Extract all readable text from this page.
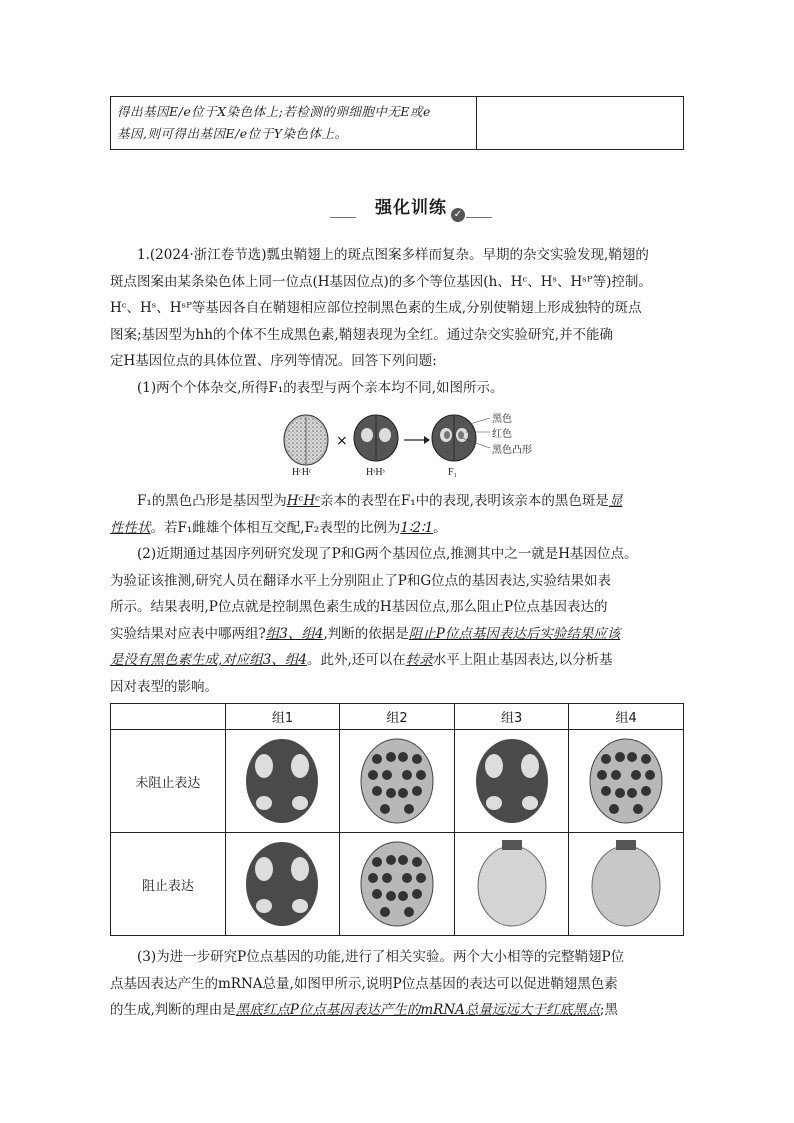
得出基因E/e位于X染色体上;若检测的卵细胞中无E或e
基因,则可得出基因E/e位于Y染色体上。
强化训练 ✓
1.(2024·浙江卷节选)瓢虫鞘翅上的斑点图案多样而复杂。早期的杂交实验发现,鞘翅的
斑点图案由某条染色体上同一位点(H基因位点)的多个等位基因(h、Hᶜ、Hˢ、Hˢᴾ等)控制。
Hᶜ、Hˢ、Hˢᴾ等基因各自在鞘翅相应部位控制黑色素的生成,分别使鞘翅上形成独特的斑点
图案;基因型为hh的个体不生成黑色素,鞘翅表现为全红。通过杂交实验研究,并不能确
定H基因位点的具体位置、序列等情况。回答下列问题:
(1)两个个体杂交,所得F₁的表型与两个亲本均不同,如图所示。
×
黑色
红色
黑色凸形
HᶜHᶜ	HˢHˢ	F₁
F₁的黑色凸形是基因型为HᶜHᶜ亲本的表型在F₁中的表现,表明该亲本的黑色斑是显
性性状。若F₁雌雄个体相互交配,F₂表型的比例为1∶2∶1。
(2)近期通过基因序列研究发现了P和G两个基因位点,推测其中之一就是H基因位点。
为验证该推测,研究人员在翻译水平上分别阻止了P和G位点的基因表达,实验结果如表
所示。结果表明,P位点就是控制黑色素生成的H基因位点,那么阻止P位点基因表达的
实验结果对应表中哪两组?组3、组4,判断的依据是阻止P位点基因表达后实验结果应该
是没有黑色素生成,对应组3、组4。此外,还可以在转录水平上阻止基因表达,以分析基
因对表型的影响。
	组1	组2	组3	组4
未阻止表达				
阻止表达				
(3)为进一步研究P位点基因的功能,进行了相关实验。两个大小相等的完整鞘翅P位
点基因表达产生的mRNA总量,如图甲所示,说明P位点基因的表达可以促进鞘翅黑色素
的生成,判断的理由是黑底红点P位点基因表达产生的mRNA总量远远大于红底黑点;黑
